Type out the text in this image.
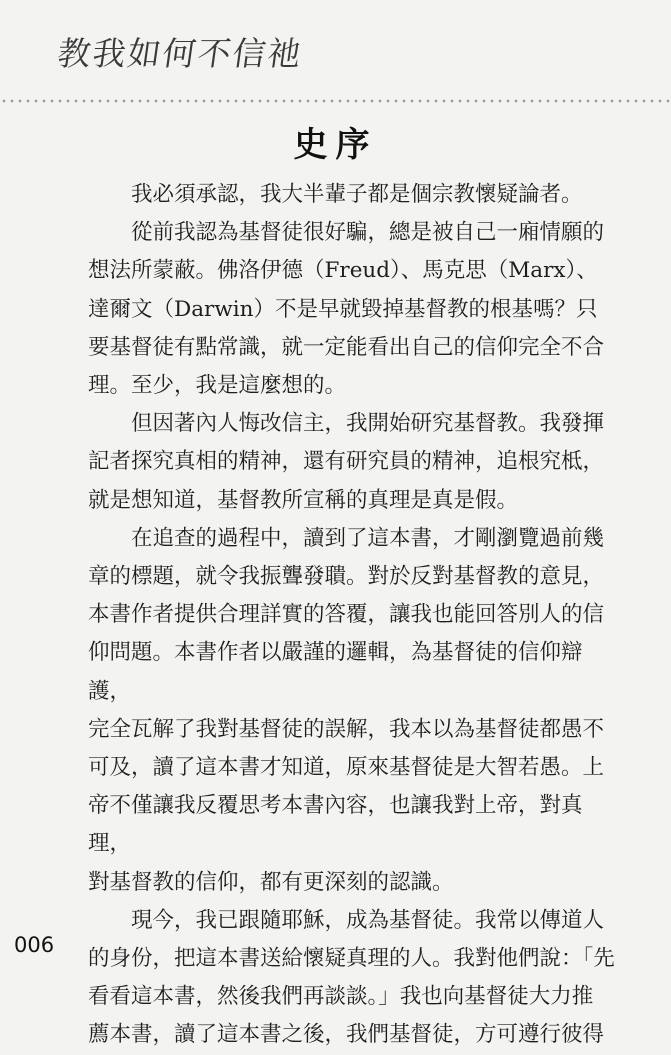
教我如何不信祂
史序

我必須承認，我大半輩子都是個宗教懷疑論者。

從前我認為基督徒很好騙，總是被自己一廂情願的

想法所蒙蔽。佛洛伊德（Freud）、馬克思（Marx）、

達爾文（Darwin）不是早就毀掉基督教的根基嗎？只

要基督徒有點常識，就一定能看出自己的信仰完全不合

理。至少，我是這麼想的。

但因著內人悔改信主，我開始研究基督教。我發揮

記者探究真相的精神，還有研究員的精神，追根究柢，

就是想知道，基督教所宣稱的真理是真是假。

在追查的過程中，讀到了這本書，才剛瀏覽過前幾

章的標題，就令我振聾發聵。對於反對基督教的意見，

本書作者提供合理詳實的答覆，讓我也能回答別人的信

仰問題。本書作者以嚴謹的邏輯，為基督徒的信仰辯護，

完全瓦解了我對基督徒的誤解，我本以為基督徒都愚不

可及，讀了這本書才知道，原來基督徒是大智若愚。上

帝不僅讓我反覆思考本書內容，也讓我對上帝，對真理，

對基督教的信仰，都有更深刻的認識。

現今，我已跟隨耶穌，成為基督徒。我常以傳道人

的身份，把這本書送給懷疑真理的人。我對他們說：「先

看看這本書，然後我們再談談。」我也向基督徒大力推

薦本書，讀了這本書之後，我們基督徒，方可遵行彼得

006
